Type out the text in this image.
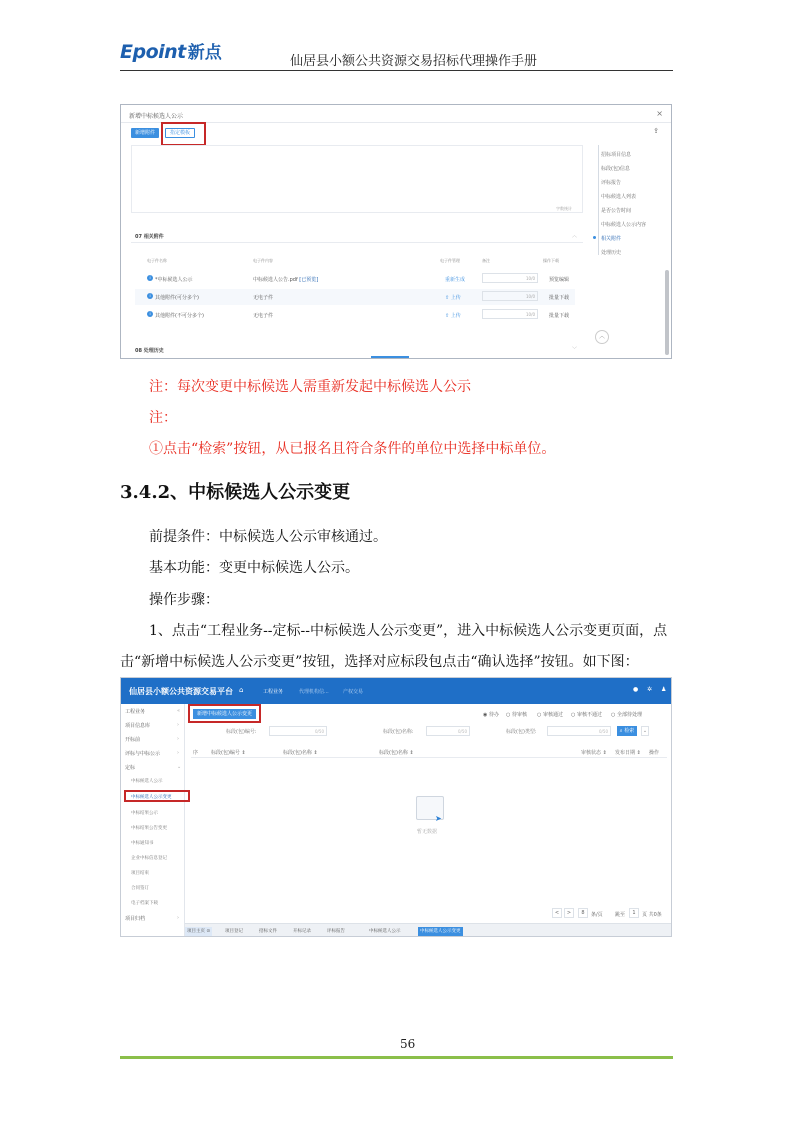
Epoint 新点	仙居县小额公共资源交易招标代理操作手册
新增中标候选人公示	×
新增附件	指定模板	⇪
字数统计
07 相关附件	︿
电子件名称	电子件内容	电子件管理	备注	操作下载
i *中标候选人公示	中标候选人公告.pdf [已预览]	重新生成	10/0	预览编辑
i 其他附件(可分多个)	无电子件	⇧ 上传	10/0	批量下载
i 其他附件(不可分多个)	无电子件	⇧ 上传	10/0	批量下载
08 处理历史	﹀
招标项目信息
标段(包)信息
评标报告
中标候选人列表
是否公告时间
中标候选人公示内容
相关附件
处理历史
︿
注：每次变更中标候选人需重新发起中标候选人公示
注：
①点击“检索”按钮，从已报名且符合条件的单位中选择中标单位。
3.4.2、中标候选人公示变更
前提条件：中标候选人公示审核通过。
基本功能：变更中标候选人公示。
操作步骤：
1、点击“工程业务--定标--中标候选人公示变更”，进入中标候选人公示变更页面，点
击“新增中标候选人公示变更”按钮，选择对应标段包点击“确认选择”按钮。如下图：
仙居县小额公共资源交易平台 ⌂	工程业务	代理机构信...	产权交易	● ✲ ♟
工程业务	«
项目信息库	›
开标前	›
评标与中标公示	›
定标	⌄
中标候选人公示
中标候选人公示变更
中标结果公示
中标结果公告变更
中标通知书
企业中标信息登记
项目结束
合同签订
电子档案下载
项目归档	›
新增中标候选人公示变更	◉ 待办 ○ 待审核 ○ 审核通过 ○ 审核不通过 ○ 全部待处理
标段(包)编号:	0/50	标段(包)名称:	0/50	标段(包)类型:	0/50	⌕ 检索	⌄
序	标段(包)编号 ⇕	标段(包)名称 ⇕	标段(包)名称 ⇕	审核状态 ⇕ 发布日期 ⇕ 操作
➤
暂无数据
<	>	8	条/页 跳至	1	页 共0条
项目主页 ⊙	项目登记	招标文件	开标记录	评标报告	中标候选人公示	中标候选人公示变更
56
